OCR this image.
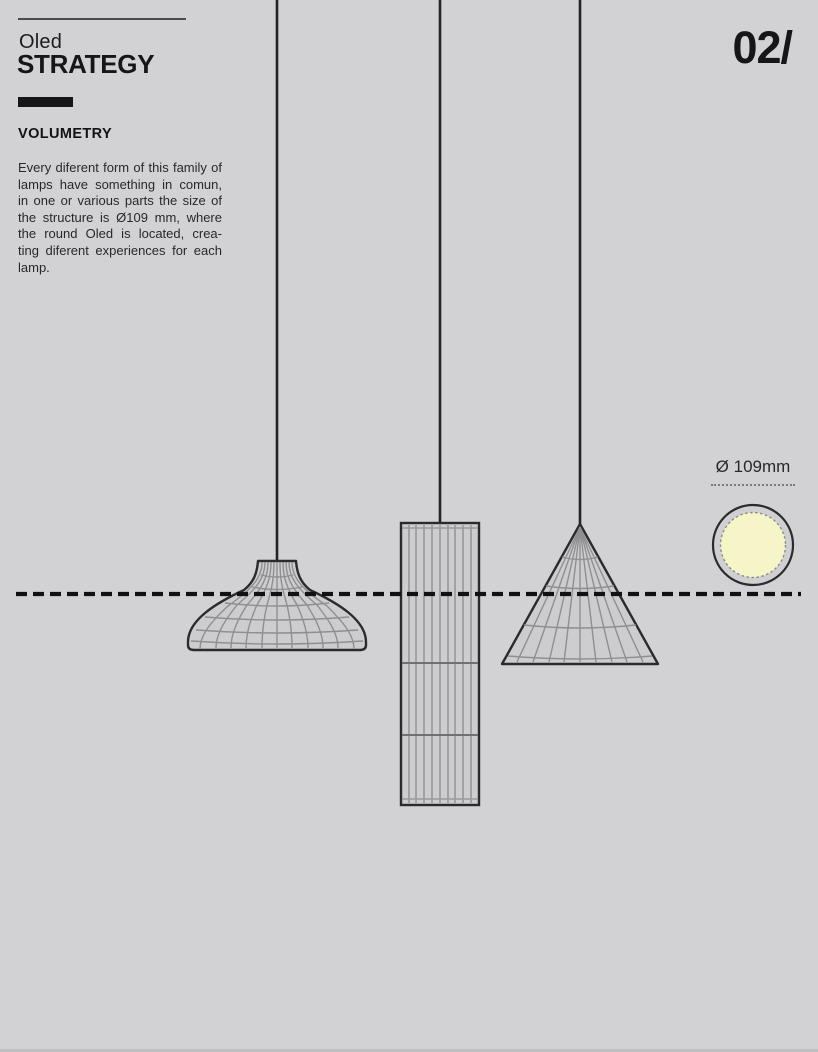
Oled
STRATEGY
VOLUMETRY
Every diferent form of this family of
lamps have something in comun,
in one or various parts the size of
the structure is Ø109 mm, where
the round Oled is located, crea-
ting diferent experiences for each
lamp.
02/
Ø 109mm
